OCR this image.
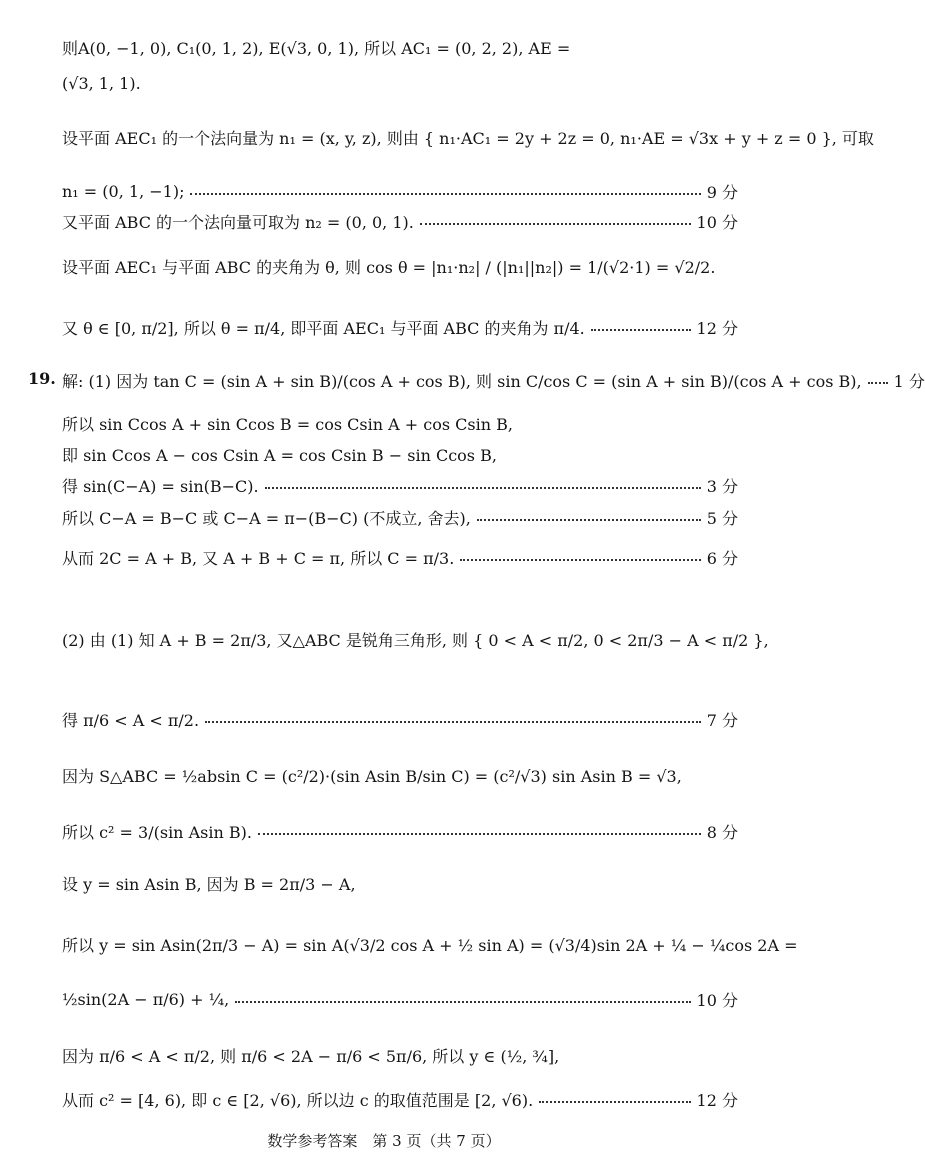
则A(0, −1, 0), C₁(0, 1, 2), E(√3, 0, 1), 所以 AC₁ = (0, 2, 2), AE =
(√3, 1, 1).
设平面 AEC₁ 的一个法向量为 n₁ = (x, y, z), 则由 { n₁·AC₁ = 2y + 2z = 0, n₁·AE = √3x + y + z = 0 }, 可取
n₁ = (0, 1, −1);	9 分
又平面 ABC 的一个法向量可取为 n₂ = (0, 0, 1).	10 分
设平面 AEC₁ 与平面 ABC 的夹角为 θ, 则 cos θ = |n₁·n₂| / (|n₁||n₂|) = 1/(√2·1) = √2/2.
又 θ ∈ [0, π/2], 所以 θ = π/4, 即平面 AEC₁ 与平面 ABC 的夹角为 π/4.	12 分
19. 解: (1) 因为 tan C = (sin A + sin B)/(cos A + cos B), 则 sin C/cos C = (sin A + sin B)/(cos A + cos B), 1 分
所以 sin Ccos A + sin Ccos B = cos Csin A + cos Csin B,
即 sin Ccos A − cos Csin A = cos Csin B − sin Ccos B,
得 sin(C−A) = sin(B−C).	3 分
所以 C−A = B−C 或 C−A = π−(B−C) (不成立, 舍去),	5 分
从而 2C = A + B, 又 A + B + C = π, 所以 C = π/3.	6 分
(2) 由 (1) 知 A + B = 2π/3, 又△ABC 是锐角三角形, 则 { 0 < A < π/2, 0 < 2π/3 − A < π/2 },
得 π/6 < A < π/2.	7 分
因为 S△ABC = ½absin C = (c²/2)·(sin Asin B/sin C) = (c²/√3) sin Asin B = √3,
所以 c² = 3/(sin Asin B).	8 分
设 y = sin Asin B, 因为 B = 2π/3 − A,
所以 y = sin Asin(2π/3 − A) = sin A(√3/2 cos A + ½ sin A) = (√3/4)sin 2A + ¼ − ¼cos 2A =
½sin(2A − π/6) + ¼,	10 分
因为 π/6 < A < π/2, 则 π/6 < 2A − π/6 < 5π/6, 所以 y ∈ (½, ¾],
从而 c² = [4, 6), 即 c ∈ [2, √6), 所以边 c 的取值范围是 [2, √6).	12 分
数学参考答案　第 3 页（共 7 页）
